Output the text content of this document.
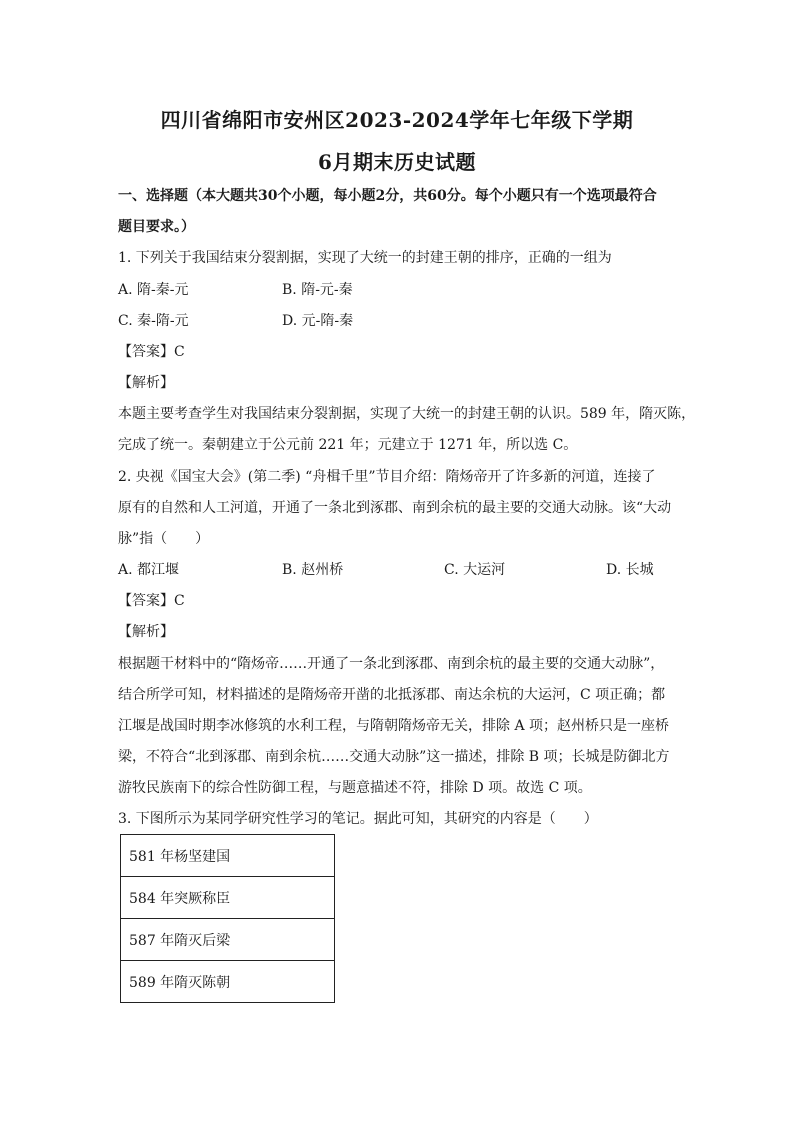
四川省绵阳市安州区2023-2024学年七年级下学期
6月期末历史试题
一、选择题（本大题共30个小题，每小题2分，共60分。每个小题只有一个选项最符合
题目要求。）
1. 下列关于我国结束分裂割据，实现了大统一的封建王朝的排序，正确的一组为
A. 隋-秦-元	B. 隋-元-秦
C. 秦-隋-元	D. 元-隋-秦
【答案】C
【解析】
本题主要考查学生对我国结束分裂割据，实现了大统一的封建王朝的认识。589 年，隋灭陈，
完成了统一。秦朝建立于公元前 221 年；元建立于 1271 年，所以选 C。
2. 央视《国宝大会》(第二季) “舟楫千里”节目介绍：隋炀帝开了许多新的河道，连接了
原有的自然和人工河道，开通了一条北到涿郡、南到余杭的最主要的交通大动脉。该“大动
脉”指（　　）
A. 都江堰	B. 赵州桥	C. 大运河	D. 长城
【答案】C
【解析】
根据题干材料中的“隋炀帝……开通了一条北到涿郡、南到余杭的最主要的交通大动脉”，
结合所学可知，材料描述的是隋炀帝开凿的北抵涿郡、南达余杭的大运河，C 项正确；都
江堰是战国时期李冰修筑的水利工程，与隋朝隋炀帝无关，排除 A 项；赵州桥只是一座桥
梁，不符合“北到涿郡、南到余杭……交通大动脉”这一描述，排除 B 项；长城是防御北方
游牧民族南下的综合性防御工程，与题意描述不符，排除 D 项。故选 C 项。
3. 下图所示为某同学研究性学习的笔记。据此可知，其研究的内容是（　　）
581 年杨坚建国
584 年突厥称臣
587 年隋灭后梁
589 年隋灭陈朝
